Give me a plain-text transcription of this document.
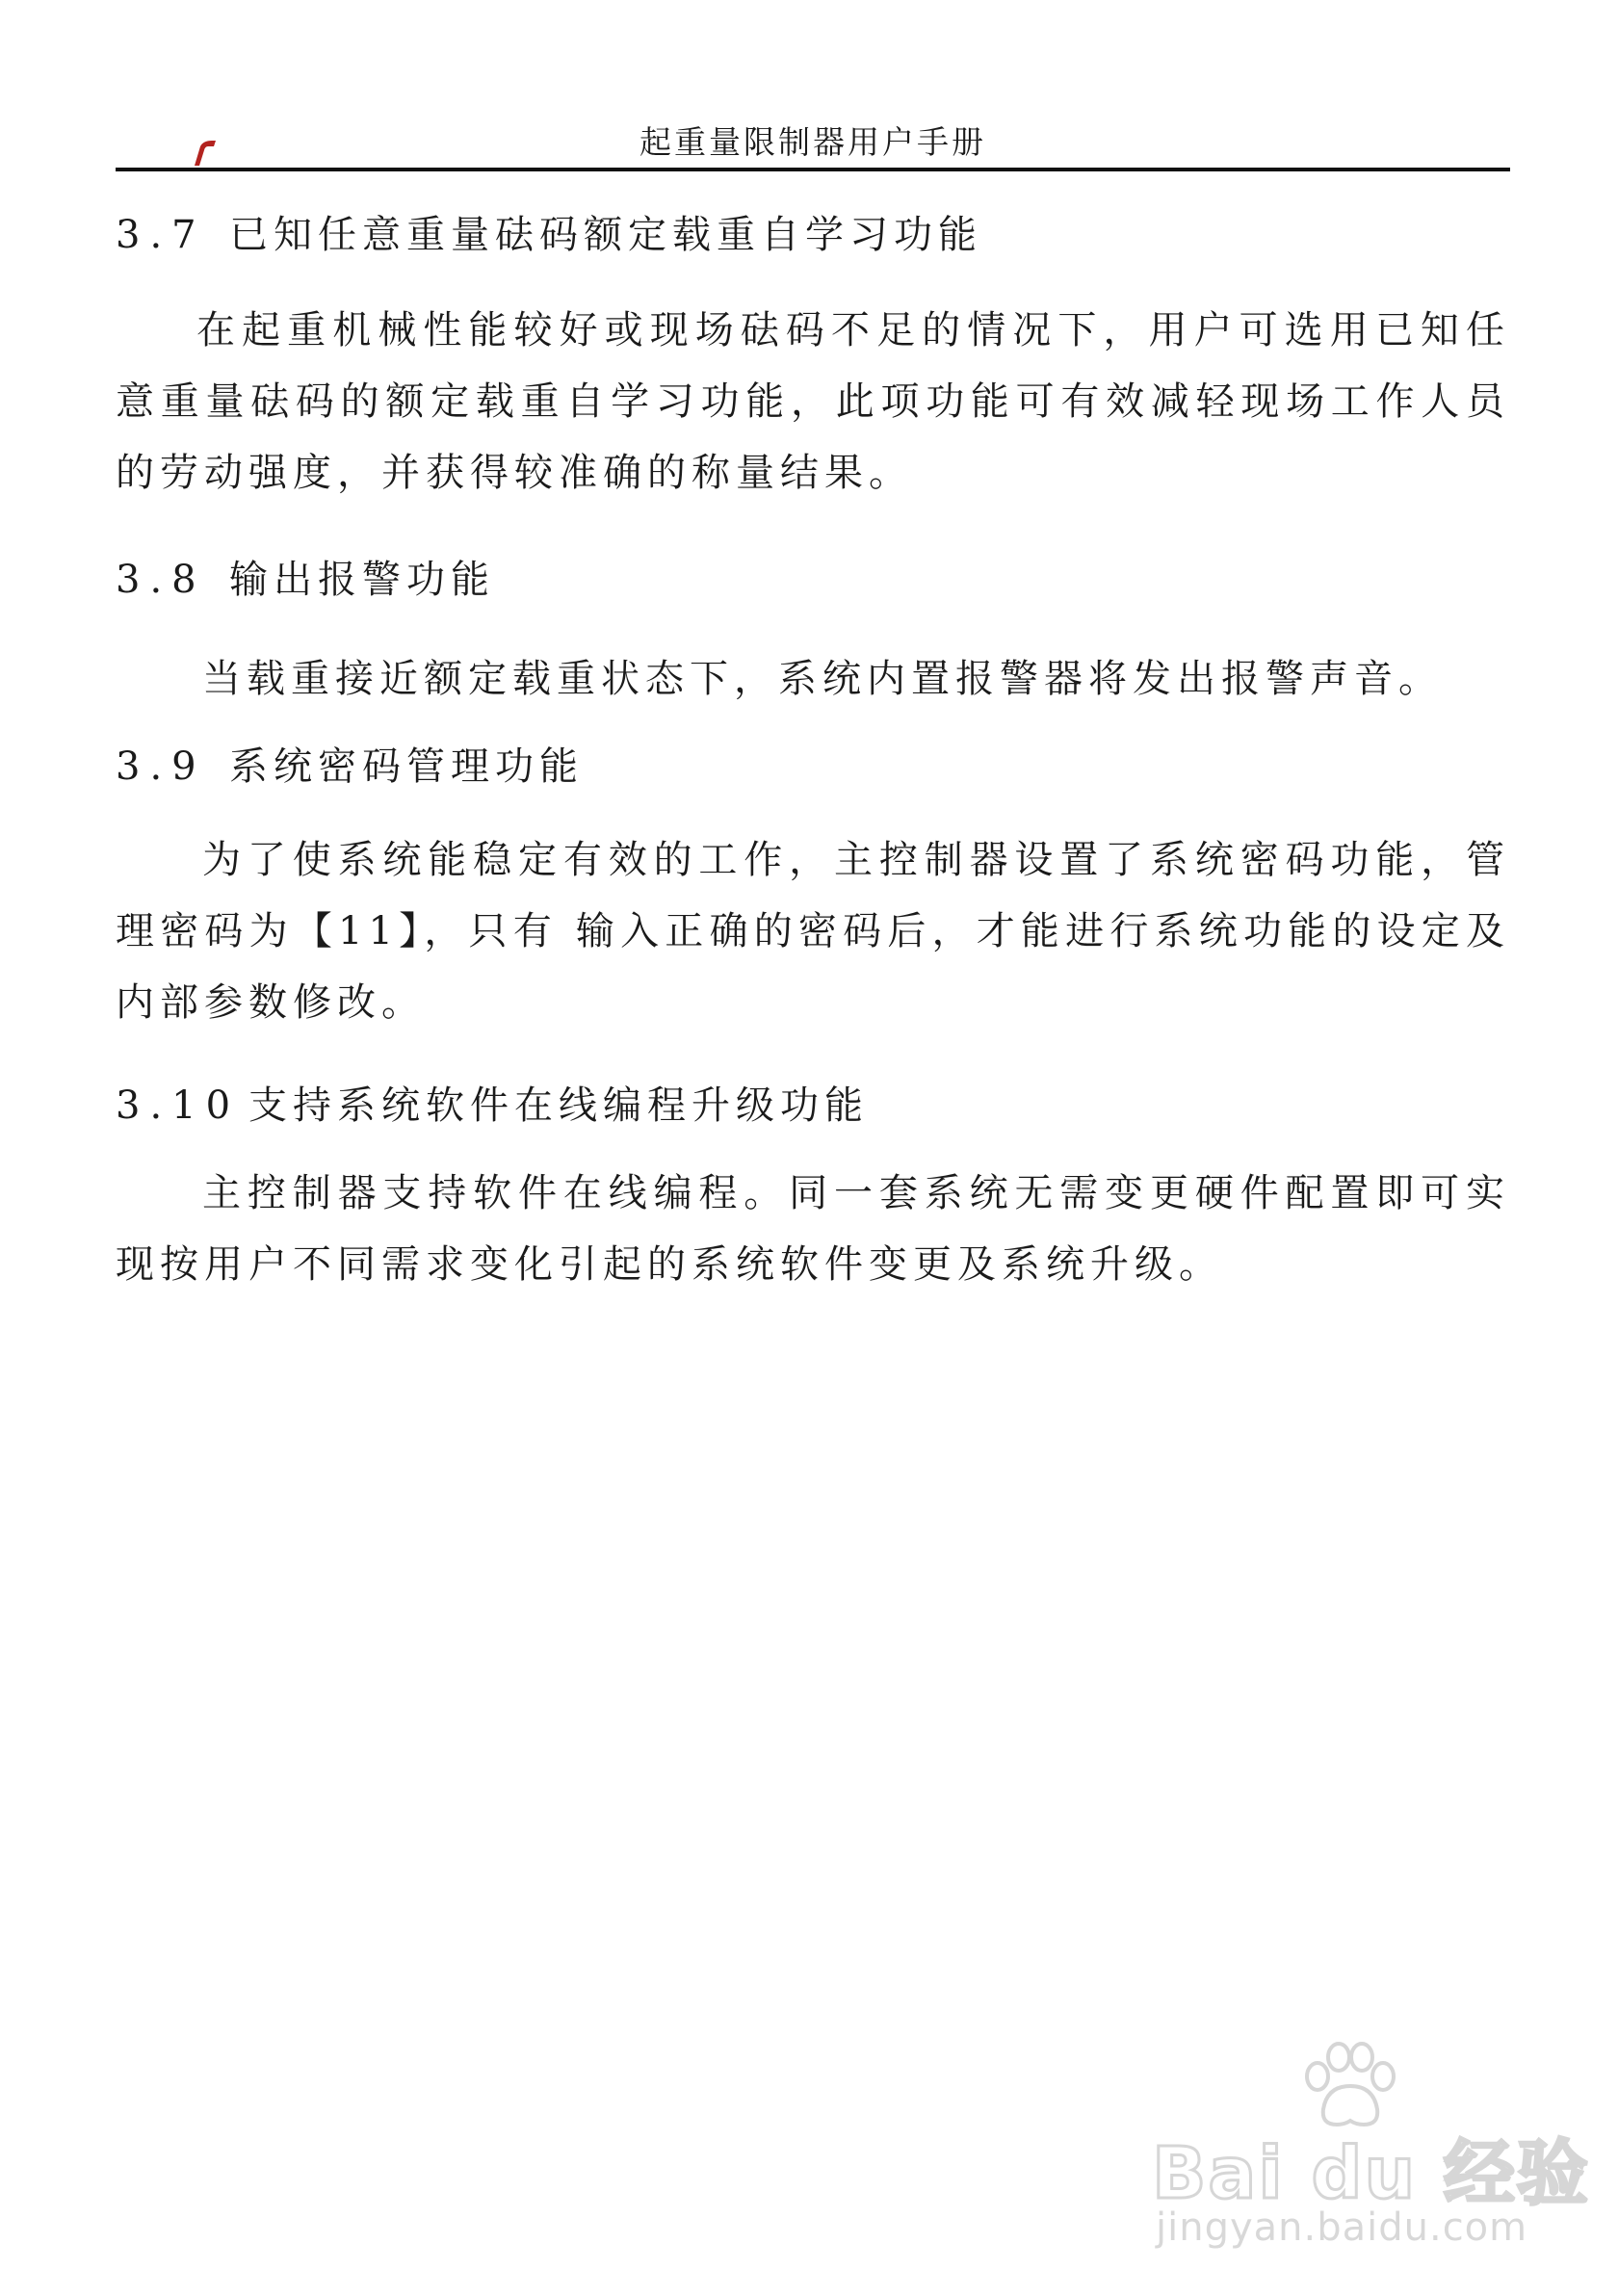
起重量限制器用户手册
3.7 已知任意重量砝码额定载重自学习功能

在起重机械性能较好或现场砝码不足的情况下，用户可选用已知任意重量砝码的额定载重自学习功能，此项功能可有效减轻现场工作人员的劳动强度，并获得较准确的称量结果。

3.8 输出报警功能

当载重接近额定载重状态下，系统内置报警器将发出报警声音。

3.9 系统密码管理功能

为了使系统能稳定有效的工作，主控制器设置了系统密码功能，管理密码为【11】，只有 输入正确的密码后，才能进行系统功能的设定及内部参数修改。

3.10 支持系统软件在线编程升级功能

主控制器支持软件在线编程。同一套系统无需变更硬件配置即可实现按用户不同需求变化引起的系统软件变更及系统升级。

Bai du 经验
jingyan.baidu.com
